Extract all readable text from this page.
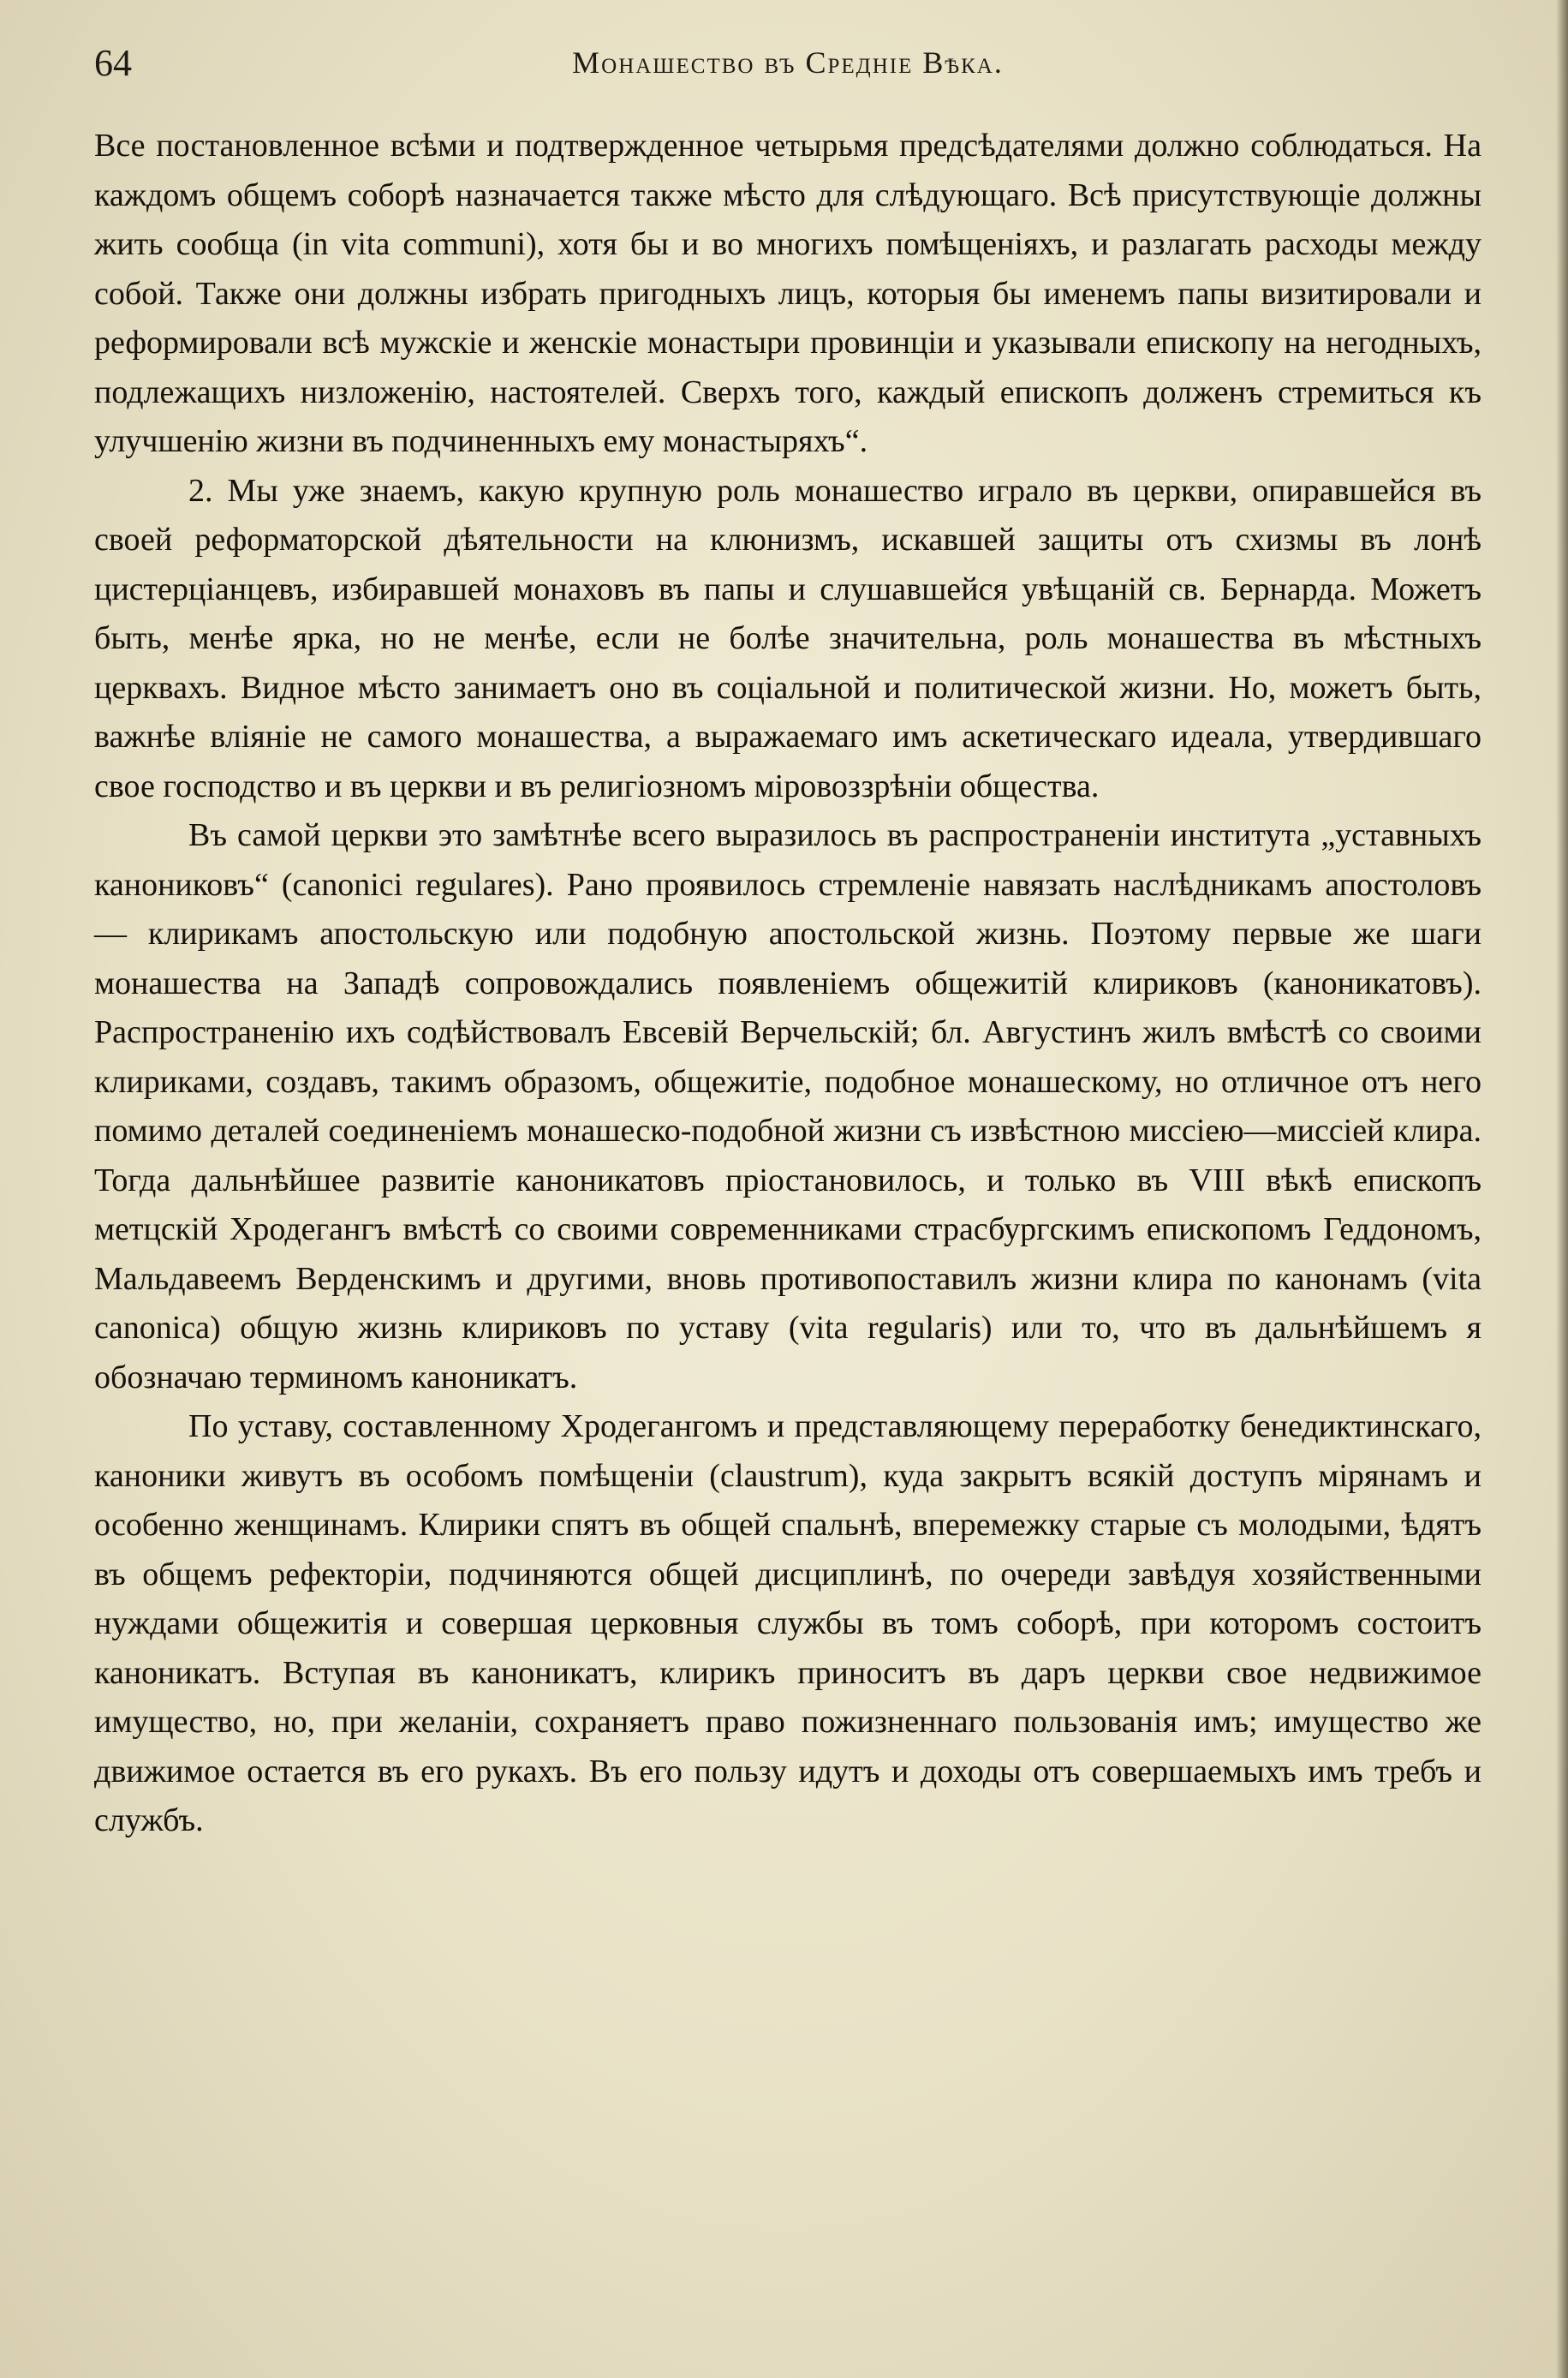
64	Монашество въ Средніе Вѣка.

Все постановленное всѣми и подтвержденное четырьмя предсѣдателями должно соблюдаться. На каждомъ общемъ соборѣ назначается также мѣсто для слѣдующаго. Всѣ присутствующіе должны жить сообща (in vita communi), хотя бы и во многихъ помѣщеніяхъ, и разлагать расходы между собой. Также они должны избрать пригодныхъ лицъ, которыя бы именемъ папы визитировали и реформировали всѣ мужскіе и женскіе монастыри провинціи и указывали епископу на негодныхъ, подлежащихъ низложенію, настоятелей. Сверхъ того, каждый епископъ долженъ стремиться къ улучшенію жизни въ подчиненныхъ ему монастыряхъ“.

2. Мы уже знаемъ, какую крупную роль монашество играло въ церкви, опиравшейся въ своей реформаторской дѣятельности на клюнизмъ, искавшей защиты отъ схизмы въ лонѣ цистерціанцевъ, избиравшей монаховъ въ папы и слушавшейся увѣщаній св. Бернарда. Можетъ быть, менѣе ярка, но не менѣе, если не болѣе значительна, роль монашества въ мѣстныхъ церквахъ. Видное мѣсто занимаетъ оно въ соціальной и политической жизни. Но, можетъ быть, важнѣе вліяніе не самого монашества, а выражаемаго имъ аскетическаго идеала, утвердившаго свое господство и въ церкви и въ религіозномъ міровоззрѣніи общества.

Въ самой церкви это замѣтнѣе всего выразилось въ распространеніи института „уставныхъ канониковъ“ (canonici regulares). Рано проявилось стремленіе навязать наслѣдникамъ апостоловъ — клирикамъ апостольскую или подобную апостольской жизнь. Поэтому первые же шаги монашества на Западѣ сопровождались появленіемъ общежитій клириковъ (каноникатовъ). Распространенію ихъ содѣйствовалъ Евсевій Верчельскій; бл. Августинъ жилъ вмѣстѣ со своими клириками, создавъ, такимъ образомъ, общежитіе, подобное монашескому, но отличное отъ него помимо деталей соединеніемъ монашеско-подобной жизни съ извѣстною миссіею—миссіей клира. Тогда дальнѣйшее развитіе каноникатовъ пріостановилось, и только въ VIII вѣкѣ епископъ метцскій Хродегангъ вмѣстѣ со своими современниками страсбургскимъ епископомъ Геддономъ, Мальдавеемъ Верденскимъ и другими, вновь противопоставилъ жизни клира по канонамъ (vita canonica) общую жизнь клириковъ по уставу (vita regularis) или то, что въ дальнѣйшемъ я обозначаю терминомъ каноникатъ.

По уставу, составленному Хродегангомъ и представляющему переработку бенедиктинскаго, каноники живутъ въ особомъ помѣщеніи (claustrum), куда закрытъ всякій доступъ мірянамъ и особенно женщинамъ. Клирики спятъ въ общей спальнѣ, вперемежку старые съ молодыми, ѣдятъ въ общемъ рефекторіи, подчиняются общей дисциплинѣ, по очереди завѣдуя хозяйственными нуждами общежитія и совершая церковныя службы въ томъ соборѣ, при которомъ состоитъ каноникатъ. Вступая въ каноникатъ, клирикъ приноситъ въ даръ церкви свое недвижимое имущество, но, при желаніи, сохраняетъ право пожизненнаго пользованія имъ; имущество же движимое остается въ его рукахъ. Въ его пользу идутъ и доходы отъ совершаемыхъ имъ требъ и службъ.
